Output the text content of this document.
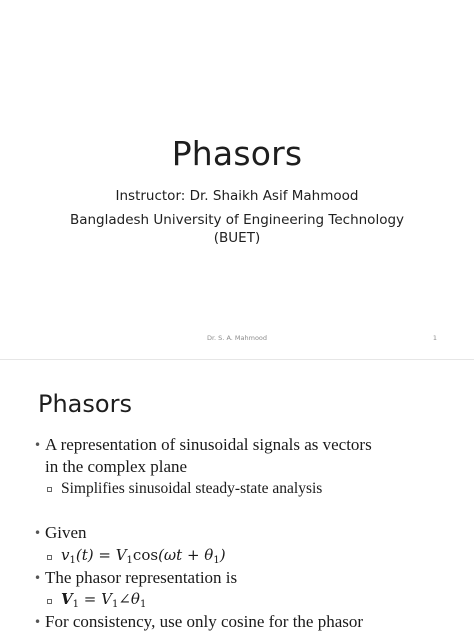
Phasors
Instructor: Dr. Shaikh Asif Mahmood
Bangladesh University of Engineering Technology
(BUET)
Dr. S. A. Mahmood	1
Phasors
• A representation of sinusoidal signals as vectors
in the complex plane
Simplifies sinusoidal steady-state analysis
• Given
$v_1(t) = V_1\cos(\omega t + \theta_1)$
• The phasor representation is
$V_1$ = $V_1\angle\theta_1$
• For consistency, use only cosine for the phasor
